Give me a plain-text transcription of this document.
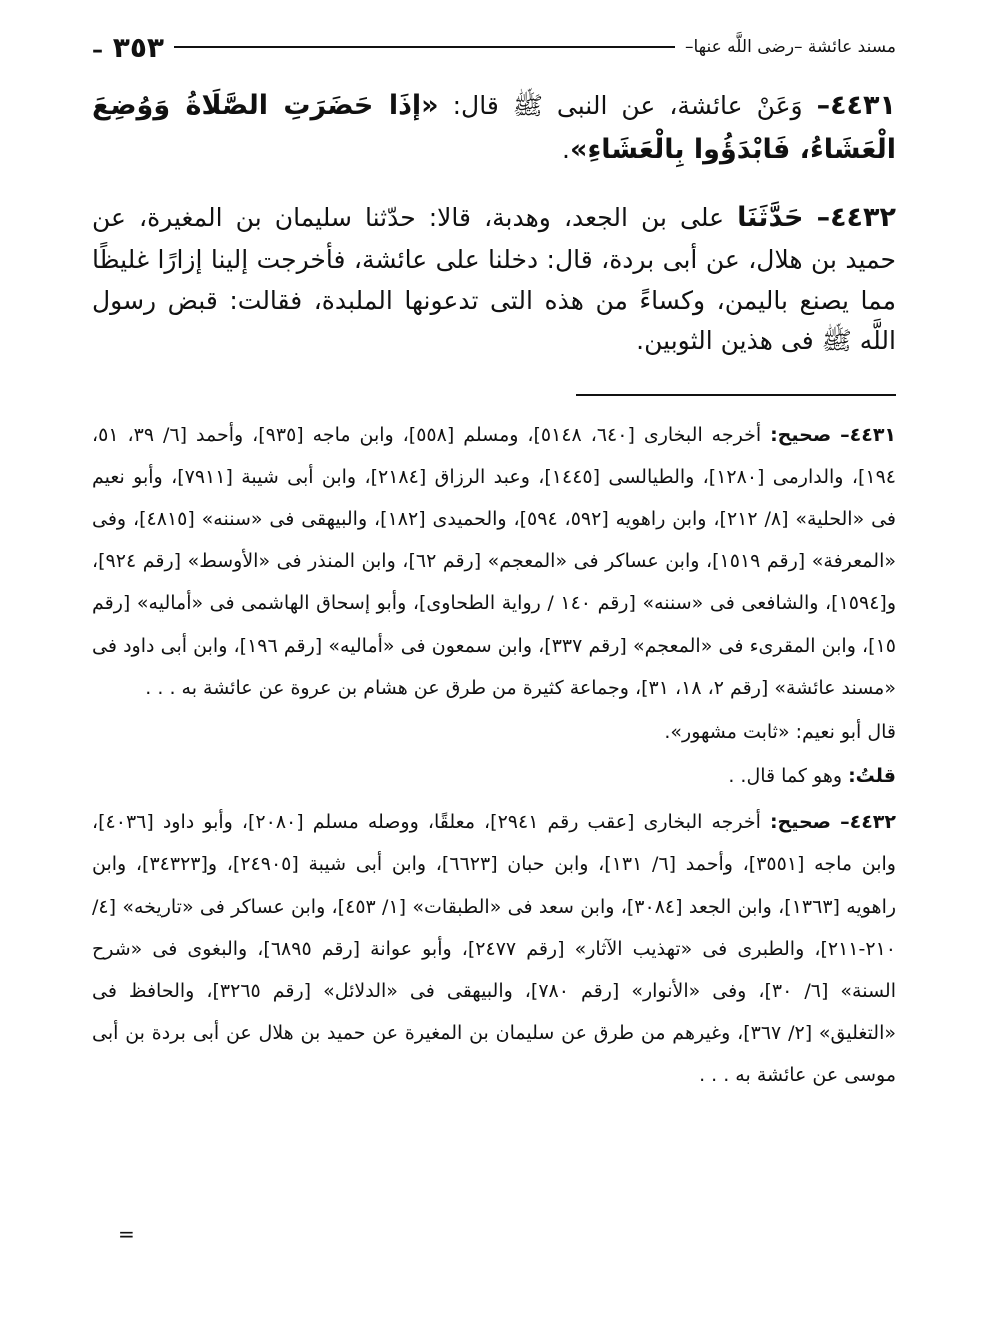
مسند عائشة –رضى اللَّه عنها–
٣٥٣ –

٤٤٣١– وَعَنْ عائشة، عن النبى ﷺ قال: «إذَا حَضَرَتِ الصَّلَاةُ وَوُضِعَ الْعَشَاءُ، فَابْدَؤُوا بِالْعَشَاءِ».

٤٤٣٢– حَدَّثَنَا على بن الجعد، وهدبة، قالا: حدّثنا سليمان بن المغيرة، عن حميد بن هلال، عن أبى بردة، قال: دخلنا على عائشة، فأخرجت إلينا إزارًا غليظًا مما يصنع باليمن، وكساءً من هذه التى تدعونها الملبدة، فقالت: قبض رسول اللَّه ﷺ فى هذين الثوبين.

٤٤٣١– صحيح: أخرجه البخارى [٦٤٠، ٥١٤٨]، ومسلم [٥٥٨]، وابن ماجه [٩٣٥]، وأحمد [٦/ ٣٩، ٥١، ١٩٤]، والدارمى [١٢٨٠]، والطيالسى [١٤٤٥]، وعبد الرزاق [٢١٨٤]، وابن أبى شيبة [٧٩١١]، وأبو نعيم فى «الحلية» [٨/ ٢١٢]، وابن راهويه [٥٩٢، ٥٩٤]، والحميدى [١٨٢]، والبيهقى فى «سننه» [٤٨١٥]، وفى «المعرفة» [رقم ١٥١٩]، وابن عساكر فى «المعجم» [رقم ٦٢]، وابن المنذر فى «الأوسط» [رقم ٩٢٤]، و[١٥٩٤]، والشافعى فى «سننه» [رقم ١٤٠ / رواية الطحاوى]، وأبو إسحاق الهاشمى فى «أماليه» [رقم ١٥]، وابن المقرىء فى «المعجم» [رقم ٣٣٧]، وابن سمعون فى «أماليه» [رقم ١٩٦]، وابن أبى داود فى «مسند عائشة» [رقم ٢، ١٨، ٣١]، وجماعة كثيرة من طرق عن هشام بن عروة عن عائشة به . . .
قال أبو نعيم: «ثابت مشهور».
قلتُ: وهو كما قال. .
٤٤٣٢– صحيح: أخرجه البخارى [عقب رقم ٢٩٤١]، معلقًا، ووصله مسلم [٢٠٨٠]، وأبو داود [٤٠٣٦]، وابن ماجه [٣٥٥١]، وأحمد [٦/ ١٣١]، وابن حبان [٦٦٢٣]، وابن أبى شيبة [٢٤٩٠٥]، و[٣٤٣٢٣]، وابن راهويه [١٣٦٣]، وابن الجعد [٣٠٨٤]، وابن سعد فى «الطبقات» [١/ ٤٥٣]، وابن عساكر فى «تاريخه» [٤/ ٢١٠-٢١١]، والطبرى فى «تهذيب الآثار» [رقم ٢٤٧٧]، وأبو عوانة [رقم ٦٨٩٥]، والبغوى فى «شرح السنة» [٦/ ٣٠]، وفى «الأنوار» [رقم ٧٨٠]، والبيهقى فى «الدلائل» [رقم ٣٢٦٥]، والحافظ فى «التغليق» [٢/ ٣٦٧]، وغيرهم من طرق عن سليمان بن المغيرة عن حميد بن هلال عن أبى بردة بن أبى موسى عن عائشة به . . .
=
